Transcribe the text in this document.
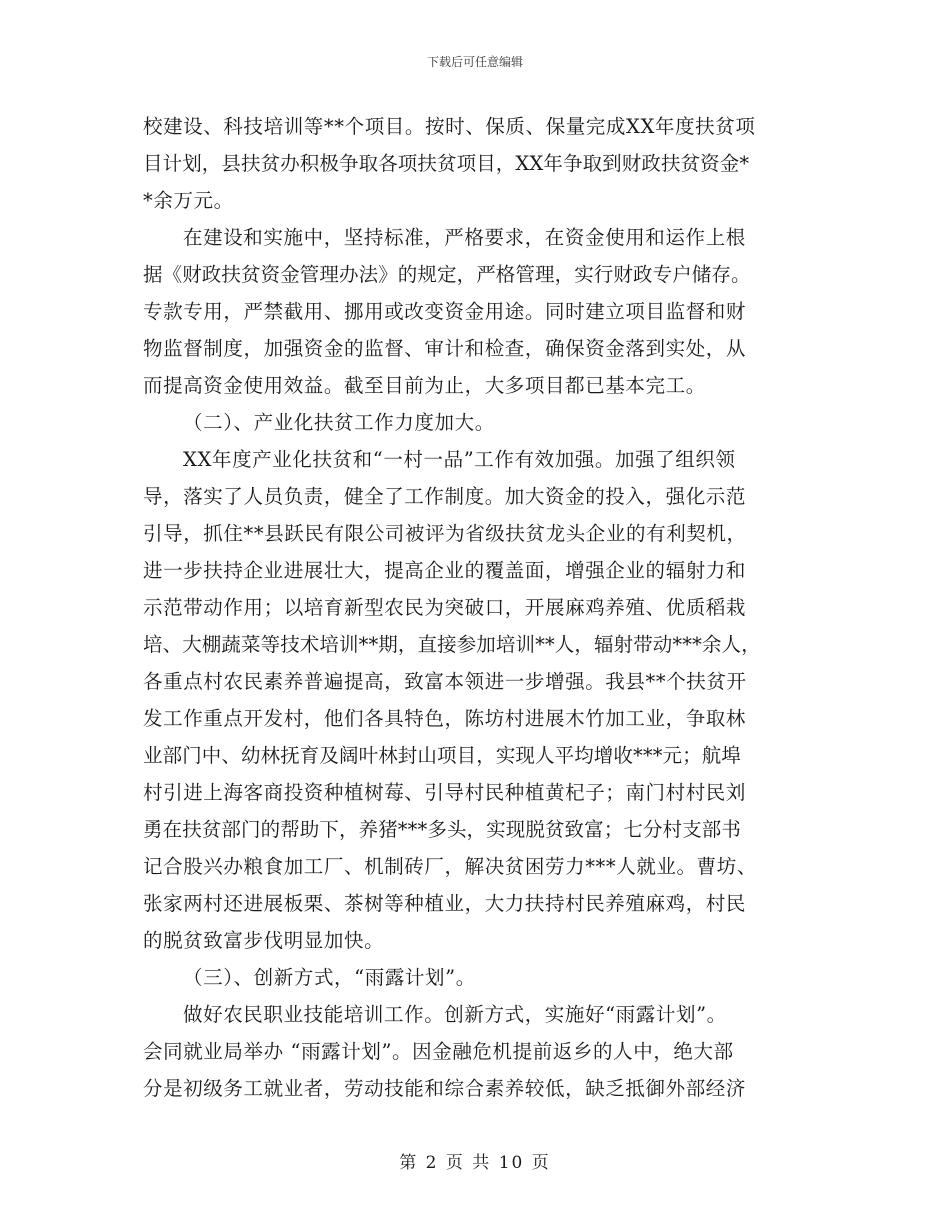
下载后可任意编辑
校建设、科技培训等**个项目。按时、保质、保量完成XX年度扶贫项
目计划，县扶贫办积极争取各项扶贫项目，XX年争取到财政扶贫资金*
*余万元。
在建设和实施中，坚持标准，严格要求，在资金使用和运作上根
据《财政扶贫资金管理办法》的规定，严格管理，实行财政专户储存。
专款专用，严禁截用、挪用或改变资金用途。同时建立项目监督和财
物监督制度，加强资金的监督、审计和检查，确保资金落到实处，从
而提高资金使用效益。截至目前为止，大多项目都已基本完工。
（二）、产业化扶贫工作力度加大。
XX年度产业化扶贫和“一村一品”工作有效加强。加强了组织领
导，落实了人员负责，健全了工作制度。加大资金的投入，强化示范
引导，抓住**县跃民有限公司被评为省级扶贫龙头企业的有利契机，
进一步扶持企业进展壮大，提高企业的覆盖面，增强企业的辐射力和
示范带动作用；以培育新型农民为突破口，开展麻鸡养殖、优质稻栽
培、大棚蔬菜等技术培训**期，直接参加培训**人，辐射带动***余人，
各重点村农民素养普遍提高，致富本领进一步增强。我县**个扶贫开
发工作重点开发村，他们各具特色，陈坊村进展木竹加工业，争取林
业部门中、幼林抚育及阔叶林封山项目，实现人平均增收***元；航埠
村引进上海客商投资种植树莓、引导村民种植黄杞子；南门村村民刘
勇在扶贫部门的帮助下，养猪***多头，实现脱贫致富；七分村支部书
记合股兴办粮食加工厂、机制砖厂，解决贫困劳力***人就业。曹坊、
张家两村还进展板栗、茶树等种植业，大力扶持村民养殖麻鸡，村民
的脱贫致富步伐明显加快。
（三）、创新方式，“雨露计划”。
做好农民职业技能培训工作。创新方式，实施好“雨露计划”。
会同就业局举办 “雨露计划”。因金融危机提前返乡的人中，绝大部
分是初级务工就业者，劳动技能和综合素养较低，缺乏抵御外部经济
第 2 页 共 10 页
